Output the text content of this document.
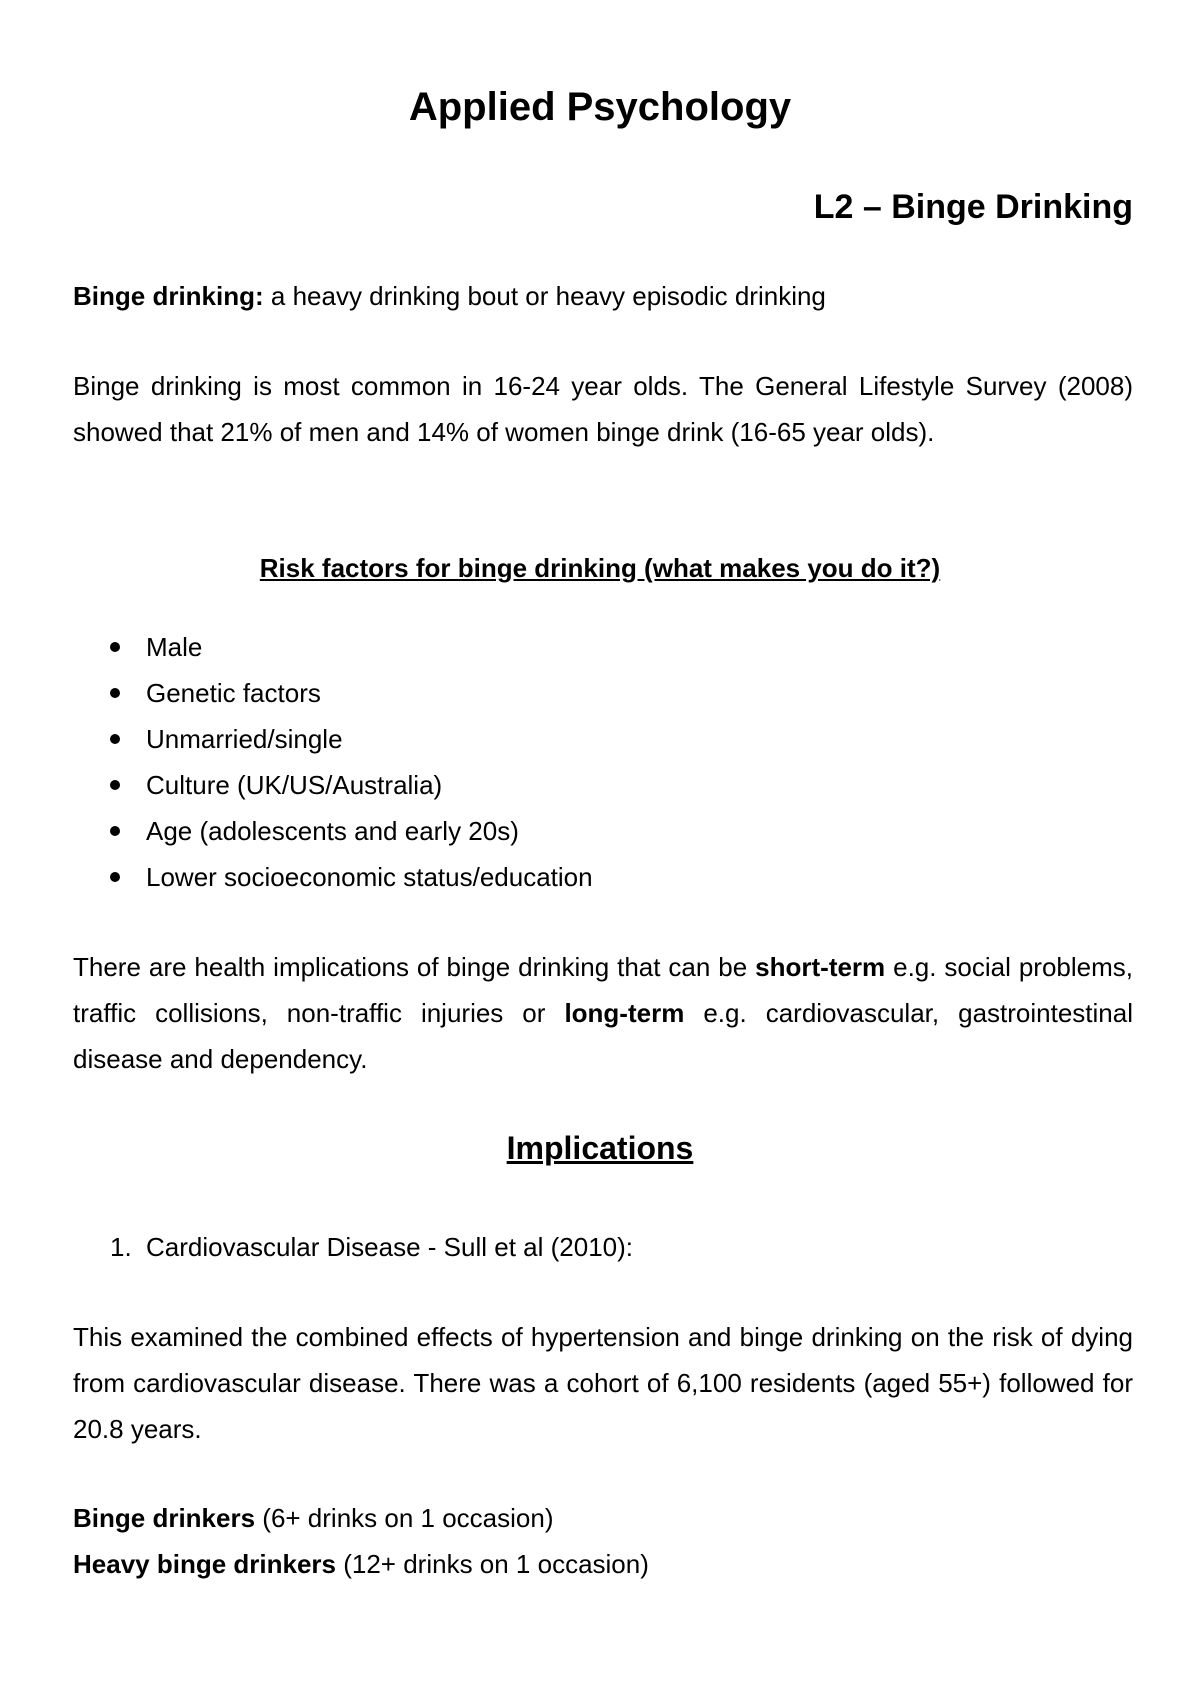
Applied Psychology
L2 – Binge Drinking
Binge drinking: a heavy drinking bout or heavy episodic drinking
Binge drinking is most common in 16-24 year olds. The General Lifestyle Survey (2008) showed that 21% of men and 14% of women binge drink (16-65 year olds).
Risk factors for binge drinking (what makes you do it?)
Male
Genetic factors
Unmarried/single
Culture (UK/US/Australia)
Age (adolescents and early 20s)
Lower socioeconomic status/education
There are health implications of binge drinking that can be short-term e.g. social problems, traffic collisions, non-traffic injuries or long-term e.g. cardiovascular, gastrointestinal disease and dependency.
Implications
1. Cardiovascular Disease - Sull et al (2010):
This examined the combined effects of hypertension and binge drinking on the risk of dying from cardiovascular disease. There was a cohort of 6,100 residents (aged 55+) followed for 20.8 years.
Binge drinkers (6+ drinks on 1 occasion)
Heavy binge drinkers (12+ drinks on 1 occasion)
